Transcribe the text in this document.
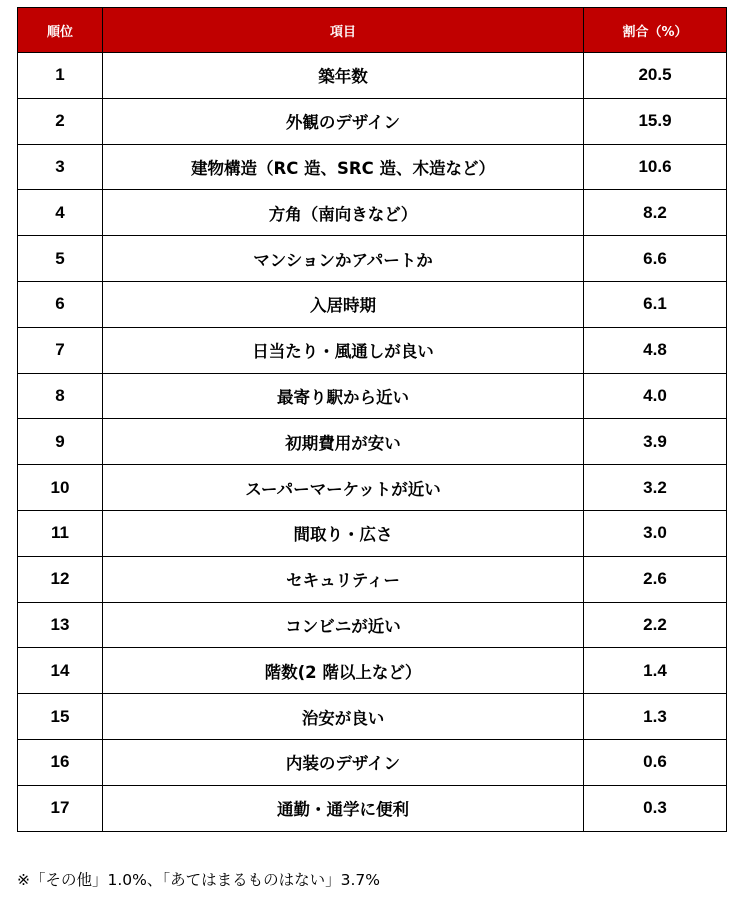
順位	項目	割合（%）
1	築年数	20.5
2	外観のデザイン	15.9
3	建物構造（RC 造、SRC 造、木造など）	10.6
4	方角（南向きなど）	8.2
5	マンションかアパートか	6.6
6	入居時期	6.1
7	日当たり・風通しが良い	4.8
8	最寄り駅から近い	4.0
9	初期費用が安い	3.9
10	スーパーマーケットが近い	3.2
11	間取り・広さ	3.0
12	セキュリティー	2.6
13	コンビニが近い	2.2
14	階数(2 階以上など）	1.4
15	治安が良い	1.3
16	内装のデザイン	0.6
17	通勤・通学に便利	0.3
※「その他」1.0%、「あてはまるものはない」3.7%
